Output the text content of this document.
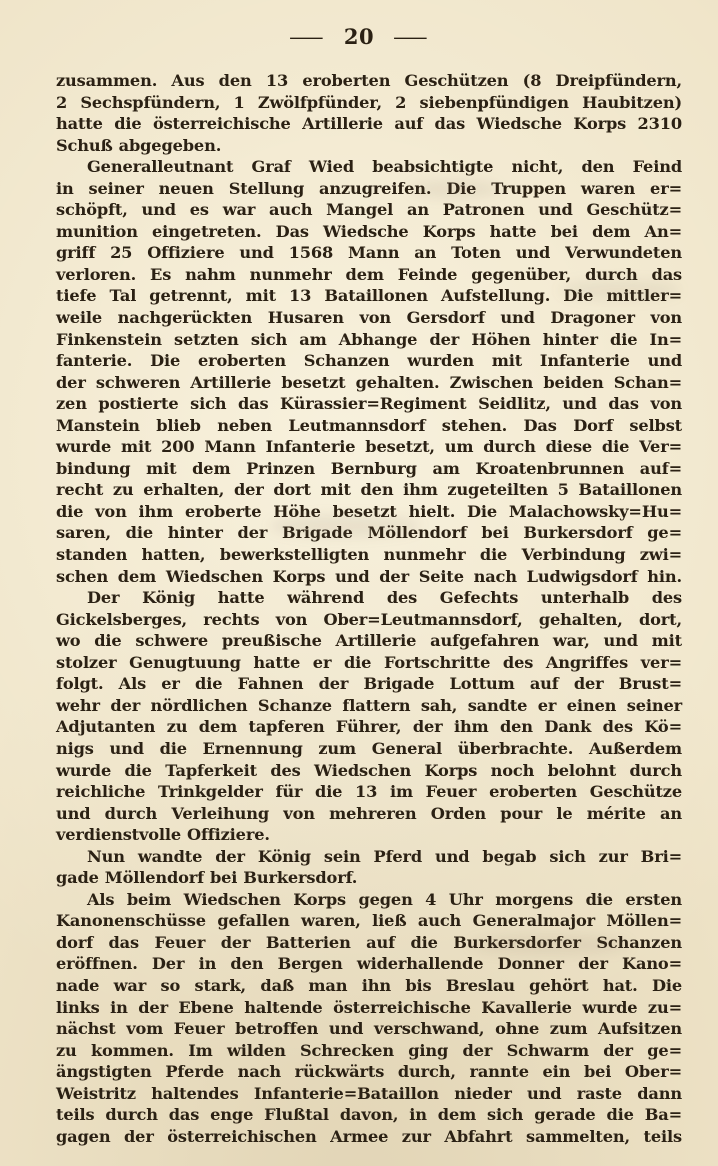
— 20 —
zusammen. Aus den 13 eroberten Geschützen (8 Dreipfündern,
2 Sechspfündern, 1 Zwölfpfünder, 2 siebenpfündigen Haubitzen)
hatte die österreichische Artillerie auf das Wiedsche Korps 2310
Schuß abgegeben.
Generalleutnant Graf Wied beabsichtigte nicht, den Feind
in seiner neuen Stellung anzugreifen. Die Truppen waren er=
schöpft, und es war auch Mangel an Patronen und Geschütz=
munition eingetreten. Das Wiedsche Korps hatte bei dem An=
griff 25 Offiziere und 1568 Mann an Toten und Verwundeten
verloren. Es nahm nunmehr dem Feinde gegenüber, durch das
tiefe Tal getrennt, mit 13 Bataillonen Aufstellung. Die mittler=
weile nachgerückten Husaren von Gersdorf und Dragoner von
Finkenstein setzten sich am Abhange der Höhen hinter die In=
fanterie. Die eroberten Schanzen wurden mit Infanterie und
der schweren Artillerie besetzt gehalten. Zwischen beiden Schan=
zen postierte sich das Kürassier=Regiment Seidlitz, und das von
Manstein blieb neben Leutmannsdorf stehen. Das Dorf selbst
wurde mit 200 Mann Infanterie besetzt, um durch diese die Ver=
bindung mit dem Prinzen Bernburg am Kroatenbrunnen auf=
recht zu erhalten, der dort mit den ihm zugeteilten 5 Bataillonen
die von ihm eroberte Höhe besetzt hielt. Die Malachowsky=Hu=
saren, die hinter der Brigade Möllendorf bei Burkersdorf ge=
standen hatten, bewerkstelligten nunmehr die Verbindung zwi=
schen dem Wiedschen Korps und der Seite nach Ludwigsdorf hin.
Der König hatte während des Gefechts unterhalb des
Gickelsberges, rechts von Ober=Leutmannsdorf, gehalten, dort,
wo die schwere preußische Artillerie aufgefahren war, und mit
stolzer Genugtuung hatte er die Fortschritte des Angriffes ver=
folgt. Als er die Fahnen der Brigade Lottum auf der Brust=
wehr der nördlichen Schanze flattern sah, sandte er einen seiner
Adjutanten zu dem tapferen Führer, der ihm den Dank des Kö=
nigs und die Ernennung zum General überbrachte. Außerdem
wurde die Tapferkeit des Wiedschen Korps noch belohnt durch
reichliche Trinkgelder für die 13 im Feuer eroberten Geschütze
und durch Verleihung von mehreren Orden pour le mérite an
verdienstvolle Offiziere.
Nun wandte der König sein Pferd und begab sich zur Bri=
gade Möllendorf bei Burkersdorf.
Als beim Wiedschen Korps gegen 4 Uhr morgens die ersten
Kanonenschüsse gefallen waren, ließ auch Generalmajor Möllen=
dorf das Feuer der Batterien auf die Burkersdorfer Schanzen
eröffnen. Der in den Bergen widerhallende Donner der Kano=
nade war so stark, daß man ihn bis Breslau gehört hat. Die
links in der Ebene haltende österreichische Kavallerie wurde zu=
nächst vom Feuer betroffen und verschwand, ohne zum Aufsitzen
zu kommen. Im wilden Schrecken ging der Schwarm der ge=
ängstigten Pferde nach rückwärts durch, rannte ein bei Ober=
Weistritz haltendes Infanterie=Bataillon nieder und raste dann
teils durch das enge Flußtal davon, in dem sich gerade die Ba=
gagen der österreichischen Armee zur Abfahrt sammelten, teils
